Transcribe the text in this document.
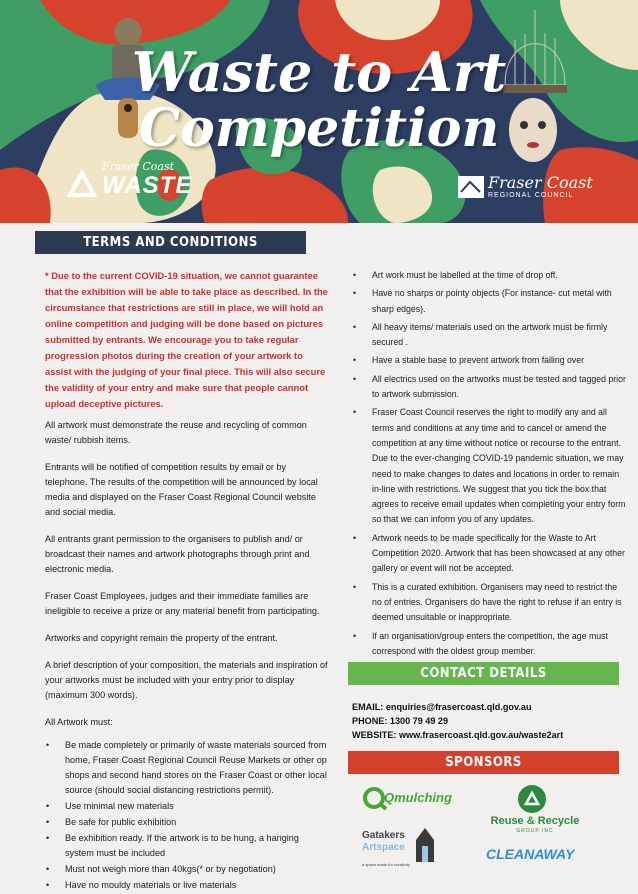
Waste to Art
Competition
Fraser Coast
WASTE	Fraser Coast
REGIONAL COUNCIL
TERMS AND CONDITIONS
* Due to the current COVID-19 situation, we cannot guarantee that the exhibition will be able to take place as described. In the circumstance that restrictions are still in place, we will hold an online competition and judging will be done based on pictures submitted by entrants. We encourage you to take regular progression photos during the creation of your artwork to assist with the judging of your final piece. This will also secure the validity of your entry and make sure that people cannot upload deceptive pictures.

All artwork must demonstrate the reuse and recycling of common waste/ rubbish items.

Entrants will be notified of competition results by email or by telephone. The results of the competition will be announced by local media and displayed on the Fraser Coast Regional Council website and social media.

All entrants grant permission to the organisers to publish and/ or broadcast their names and artwork photographs through print and electronic media.

Fraser Coast Employees, judges and their immediate families are ineligible to receive a prize or any material benefit from participating.

Artworks and copyright remain the property of the entrant.

A brief description of your composition, the materials and inspiration of your artworks must be included with your entry prior to display (maximum 300 words).

All Artwork must:

• Be made completely or primarily of waste materials sourced from home, Fraser Coast Regional Council Reuse Markets or other op shops and second hand stores on the Fraser Coast or other local source (should social distancing restrictions permit).
• Use minimal new materials
• Be safe for public exhibition
• Be exhibition ready. If the artwork is to be hung, a hanging system must be included
• Must not weigh more than 40kgs(* or by negotiation)
• Have no mouldy materials or live materials
• Art work must be labelled at the time of drop off.
• Have no sharps or pointy objects (For instance- cut metal with sharp edges).
• All heavy items/ materials used on the artwork must be firmly secured .
• Have a stable base to prevent artwork from falling over
• All electrics used on the artworks must be tested and tagged prior to artwork submission.
• Fraser Coast Council reserves the right to modify any and all terms and conditions at any time and to cancel or amend the competition at any time without notice or recourse to the entrant. Due to the ever-changing COVID-19 pandemic situation, we may need to make changes to dates and locations in order to remain in-line with restrictions. We suggest that you tick the box that agrees to receive email updates when completing your entry form so that we can inform you of any updates.
• Artwork needs to be made specifically for the Waste to Art Competition 2020. Artwork that has been showcased at any other gallery or event will not be accepted.
• This is a curated exhibition. Organisers may need to restrict the no of entries. Organisers do have the right to refuse if an entry is deemed unsuitable or inappropriate.
• If an organisation/group enters the competition, the age must correspond with the oldest group member.
CONTACT DETAILS
EMAIL: enquiries@frasercoast.qld.gov.au
PHONE: 1300 79 49 29
WEBSITE: www.frasercoast.qld.gov.au/waste2art
SPONSORS
Qmulching
Reuse & Recycle
GROUP INC
Gatakers
Artspace
a space made for creativity
CLEANAWAY
